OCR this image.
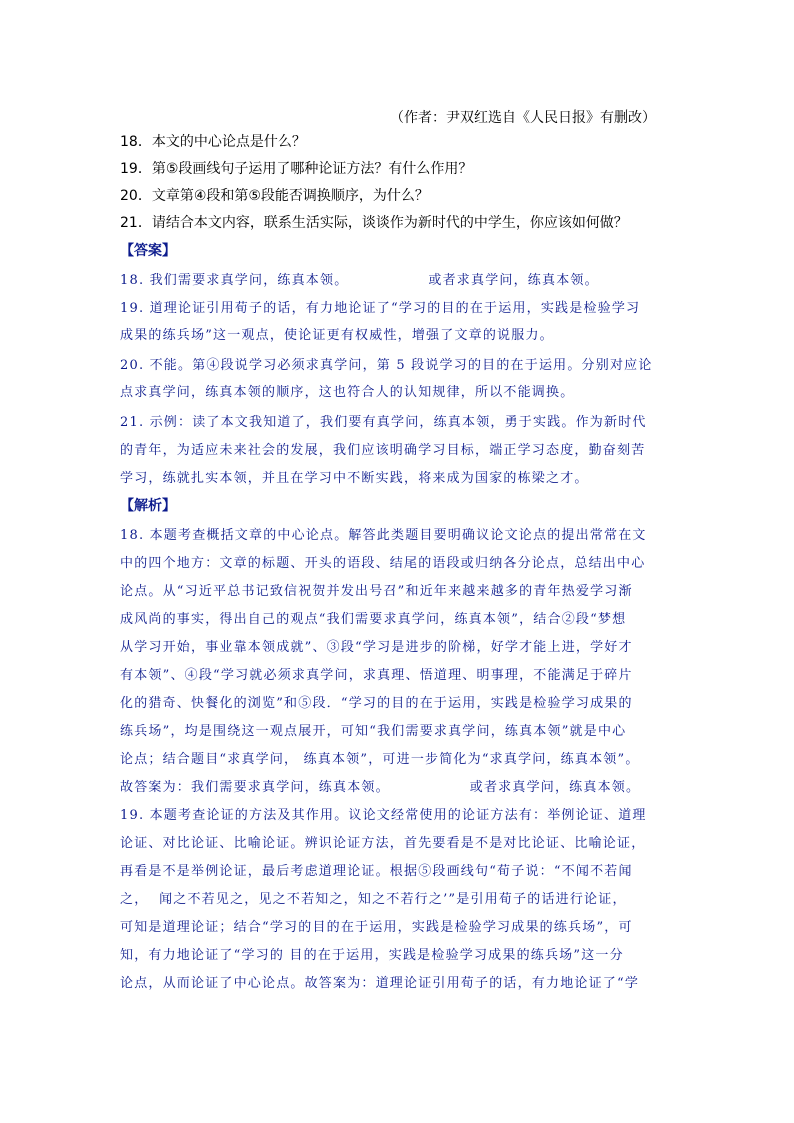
（作者：尹双红选自《人民日报》有删改）
18．本文的中心论点是什么？
19．第⑤段画线句子运用了哪种论证方法？有什么作用？
20．文章第④段和第⑤段能否调换顺序，为什么？
21．请结合本文内容，联系生活实际，谈谈作为新时代的中学生，你应该如何做？
【答案】
18. 我们需要求真学问，练真本领。               或者求真学问，练真本领。
19. 道理论证引用荀子的话，有力地论证了“学习的目的在于运用，实践是检验学习
成果的练兵场”这一观点，使论证更有权威性，增强了文章的说服力。
20. 不能。第④段说学习必须求真学问，第 5 段说学习的目的在于运用。分别对应论
点求真学问，练真本领的顺序，这也符合人的认知规律，所以不能调换。
21. 示例：读了本文我知道了，我们要有真学问，练真本领，勇于实践。作为新时代
的青年，为适应未来社会的发展，我们应该明确学习目标，端正学习态度，勤奋刻苦
学习，练就扎实本领，并且在学习中不断实践，将来成为国家的栋梁之才。
【解析】
18. 本题考查概括文章的中心论点。解答此类题目要明确议论文论点的提出常常在文
中的四个地方：文章的标题、开头的语段、结尾的语段或归纳各分论点，总结出中心
论点。从“习近平总书记致信祝贺并发出号召”和近年来越来越多的青年热爱学习渐
成风尚的事实，得出自己的观点“我们需要求真学问，练真本领”，结合②段“梦想
从学习开始，事业靠本领成就”、③段“学习是进步的阶梯，好学才能上进，学好才
有本领”、④段“学习就必须求真学问，求真理、悟道理、明事理，不能满足于碎片
化的猎奇、快餐化的浏览”和⑤段．“学习的目的在于运用，实践是检验学习成果的
练兵场”，均是围绕这一观点展开，可知“我们需要求真学问，练真本领”就是中心
论点；结合题目“求真学问， 练真本领”，可进一步简化为“求真学问，练真本领”。
故答案为：我们需要求真学问，练真本领。               或者求真学问，练真本领。
19. 本题考查论证的方法及其作用。议论文经常使用的论证方法有：举例论证、道理
论证、对比论证、比喻论证。辨识论证方法，首先要看是不是对比论证、比喻论证，
再看是不是举例论证，最后考虑道理论证。根据⑤段画线句“荀子说：“不闻不若闻
之，  闻之不若见之，见之不若知之，知之不若行之’”是引用荀子的话进行论证，
可知是道理论证；结合“学习的目的在于运用，实践是检验学习成果的练兵场”，可
知，有力地论证了“学习的 目的在于运用，实践是检验学习成果的练兵场”这一分
论点，从而论证了中心论点。故答案为：道理论证引用荀子的话，有力地论证了“学
